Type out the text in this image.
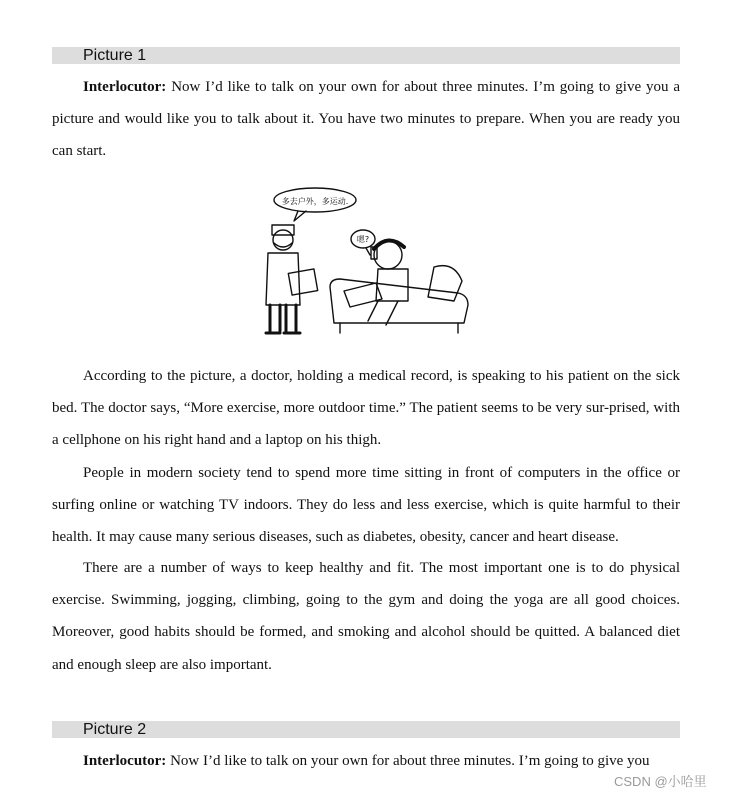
Picture 1

Interlocutor: Now I’d like to talk on your own for about three minutes. I’m going to give you a picture and would like you to talk about it. You have two minutes to prepare. When you are ready you can start.

多去户外，多运动.
嗯?

According to the picture, a doctor, holding a medical record, is speaking to his patient on the sick bed. The doctor says, “More exercise, more outdoor time.” The patient seems to be very sur-prised, with a cellphone on his right hand and a laptop on his thigh.

People in modern society tend to spend more time sitting in front of computers in the office or surfing online or watching TV indoors. They do less and less exercise, which is quite harmful to their health. It may cause many serious diseases, such as diabetes, obesity, cancer and heart disease.

There are a number of ways to keep healthy and fit. The most important one is to do physical exercise. Swimming, jogging, climbing, going to the gym and doing the yoga are all good choices. Moreover, good habits should be formed, and smoking and alcohol should be quitted. A balanced diet and enough sleep are also important.

Picture 2

Interlocutor: Now I’d like to talk on your own for about three minutes. I’m going to give you

CSDN @小哈里
